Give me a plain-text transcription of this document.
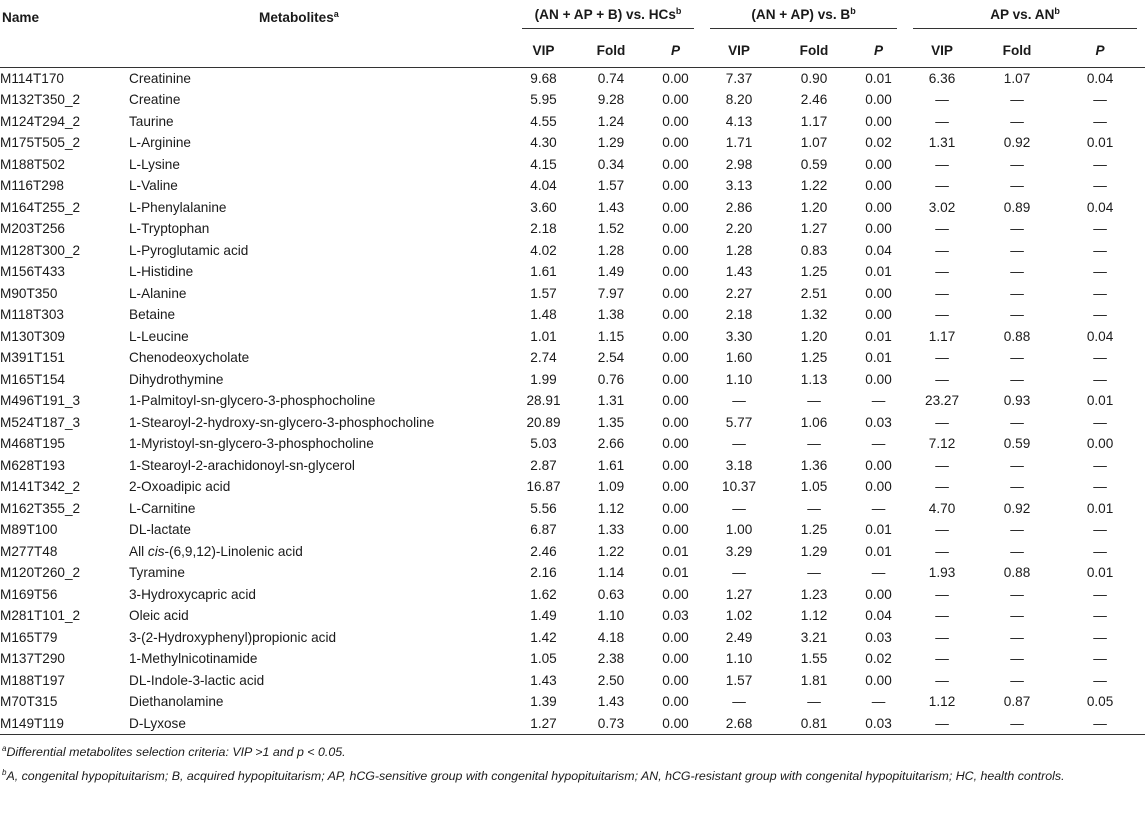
Name	Metabolites$^a$	(AN + AP + B) vs. HCs$^b$			(AN + AP) vs. $B^b$			AP vs. $AN^b$

		VIP	Fold	P	VIP	Fold	P	VIP	Fold	P
M114T170	Creatinine	9.68	0.74	0.00	7.37	0.90	0.01	6.36	1.07	0.04
M132T350_2	Creatine	5.95	9.28	0.00	8.20	2.46	0.00	—	—	—
M124T294_2	Taurine	4.55	1.24	0.00	4.13	1.17	0.00	—	—	—
M175T505_2	L-Arginine	4.30	1.29	0.00	1.71	1.07	0.02	1.31	0.92	0.01
M188T502	L-Lysine	4.15	0.34	0.00	2.98	0.59	0.00	—	—	—
M116T298	L-Valine	4.04	1.57	0.00	3.13	1.22	0.00	—	—	—
M164T255_2	L-Phenylalanine	3.60	1.43	0.00	2.86	1.20	0.00	3.02	0.89	0.04
M203T256	L-Tryptophan	2.18	1.52	0.00	2.20	1.27	0.00	—	—	—
M128T300_2	L-Pyroglutamic acid	4.02	1.28	0.00	1.28	0.83	0.04	—	—	—
M156T433	L-Histidine	1.61	1.49	0.00	1.43	1.25	0.01	—	—	—
M90T350	L-Alanine	1.57	7.97	0.00	2.27	2.51	0.00	—	—	—
M118T303	Betaine	1.48	1.38	0.00	2.18	1.32	0.00	—	—	—
M130T309	L-Leucine	1.01	1.15	0.00	3.30	1.20	0.01	1.17	0.88	0.04
M391T151	Chenodeoxycholate	2.74	2.54	0.00	1.60	1.25	0.01	—	—	—
M165T154	Dihydrothymine	1.99	0.76	0.00	1.10	1.13	0.00	—	—	—
M496T191_3	1-Palmitoyl-sn-glycero-3-phosphocholine	28.91	1.31	0.00	—	—	—	23.27	0.93	0.01
M524T187_3	1-Stearoyl-2-hydroxy-sn-glycero-3-phosphocholine	20.89	1.35	0.00	5.77	1.06	0.03	—	—	—
M468T195	1-Myristoyl-sn-glycero-3-phosphocholine	5.03	2.66	0.00	—	—	—	7.12	0.59	0.00
M628T193	1-Stearoyl-2-arachidonoyl-sn-glycerol	2.87	1.61	0.00	3.18	1.36	0.00	—	—	—
M141T342_2	2-Oxoadipic acid	16.87	1.09	0.00	10.37	1.05	0.00	—	—	—
M162T355_2	L-Carnitine	5.56	1.12	0.00	—	—	—	4.70	0.92	0.01
M89T100	DL-lactate	6.87	1.33	0.00	1.00	1.25	0.01	—	—	—
M277T48	All cis-(6,9,12)-Linolenic acid	2.46	1.22	0.01	3.29	1.29	0.01	—	—	—
M120T260_2	Tyramine	2.16	1.14	0.01	—	—	—	1.93	0.88	0.01
M169T56	3-Hydroxycapric acid	1.62	0.63	0.00	1.27	1.23	0.00	—	—	—
M281T101_2	Oleic acid	1.49	1.10	0.03	1.02	1.12	0.04	—	—	—
M165T79	3-(2-Hydroxyphenyl)propionic acid	1.42	4.18	0.00	2.49	3.21	0.03	—	—	—
M137T290	1-Methylnicotinamide	1.05	2.38	0.00	1.10	1.55	0.02	—	—	—
M188T197	DL-Indole-3-lactic acid	1.43	2.50	0.00	1.57	1.81	0.00	—	—	—
M70T315	Diethanolamine	1.39	1.43	0.00	—	—	—	1.12	0.87	0.05
M149T119	D-Lyxose	1.27	0.73	0.00	2.68	0.81	0.03	—	—	—

$^a$Differential metabolites selection criteria: VIP >1 and p < 0.05.

$^b$A, congenital hypopituitarism; B, acquired hypopituitarism; AP, hCG-sensitive group with congenital hypopituitarism; AN, hCG-resistant group with congenital hypopituitarism; HC, health controls.
